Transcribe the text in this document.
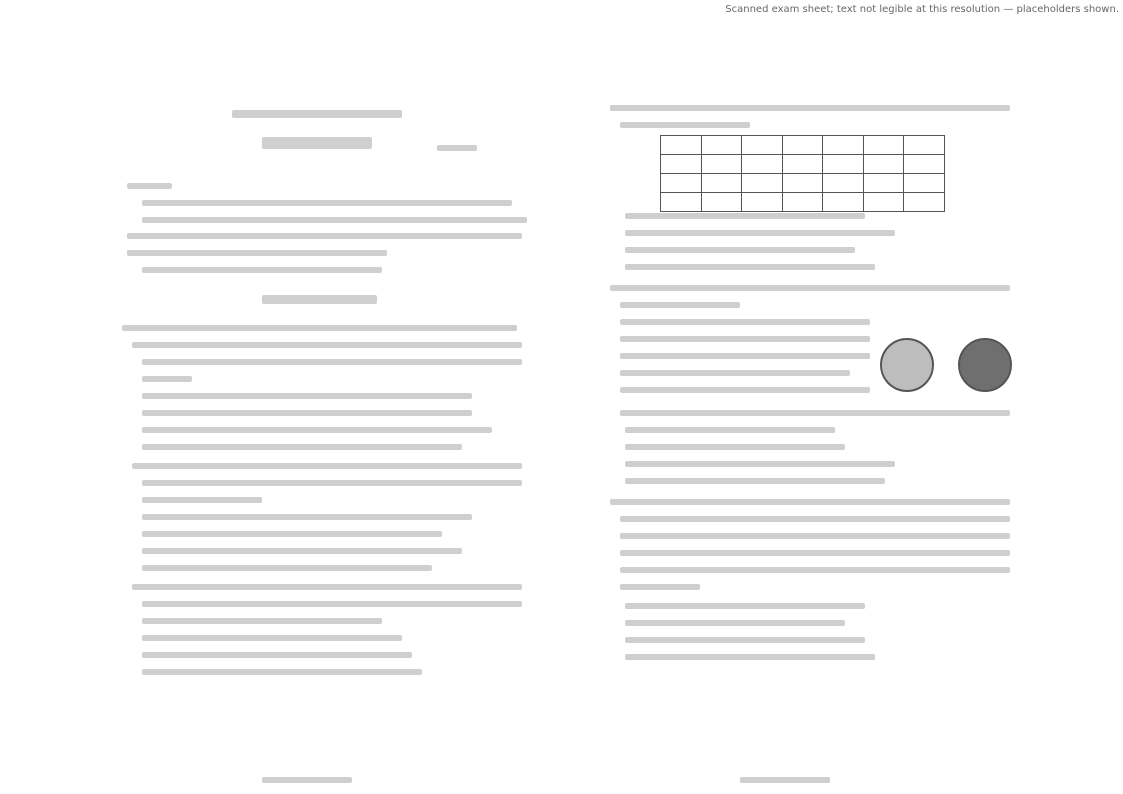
Scanned exam sheet; text not legible at this resolution — placeholders shown.
